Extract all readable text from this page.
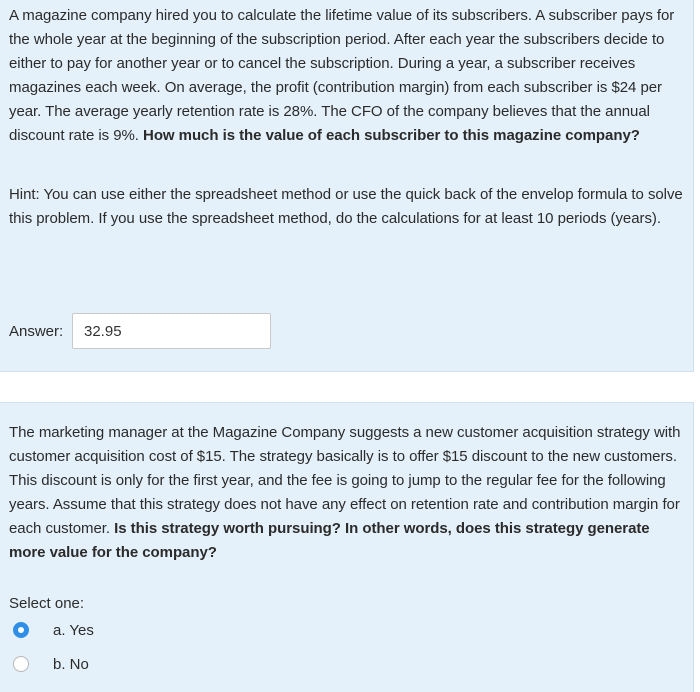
A magazine company hired you to calculate the lifetime value of its subscribers. A subscriber pays for the whole year at the beginning of the subscription period. After each year the subscribers decide to either to pay for another year or to cancel the subscription. During a year, a subscriber receives magazines each week. On average, the profit (contribution margin) from each subscriber is $24 per year. The average yearly retention rate is 28%. The CFO of the company believes that the annual discount rate is 9%. How much is the value of each subscriber to this magazine company?

Hint: You can use either the spreadsheet method or use the quick back of the envelop formula to solve this problem. If you use the spreadsheet method, do the calculations for at least 10 periods (years).

Answer:
32.95

The marketing manager at the Magazine Company suggests a new customer acquisition strategy with customer acquisition cost of $15. The strategy basically is to offer $15 discount to the new customers. This discount is only for the first year, and the fee is going to jump to the regular fee for the following years. Assume that this strategy does not have any effect on retention rate and contribution margin for each customer. Is this strategy worth pursuing? In other words, does this strategy generate more value for the company?

Select one:
a. Yes
b. No
